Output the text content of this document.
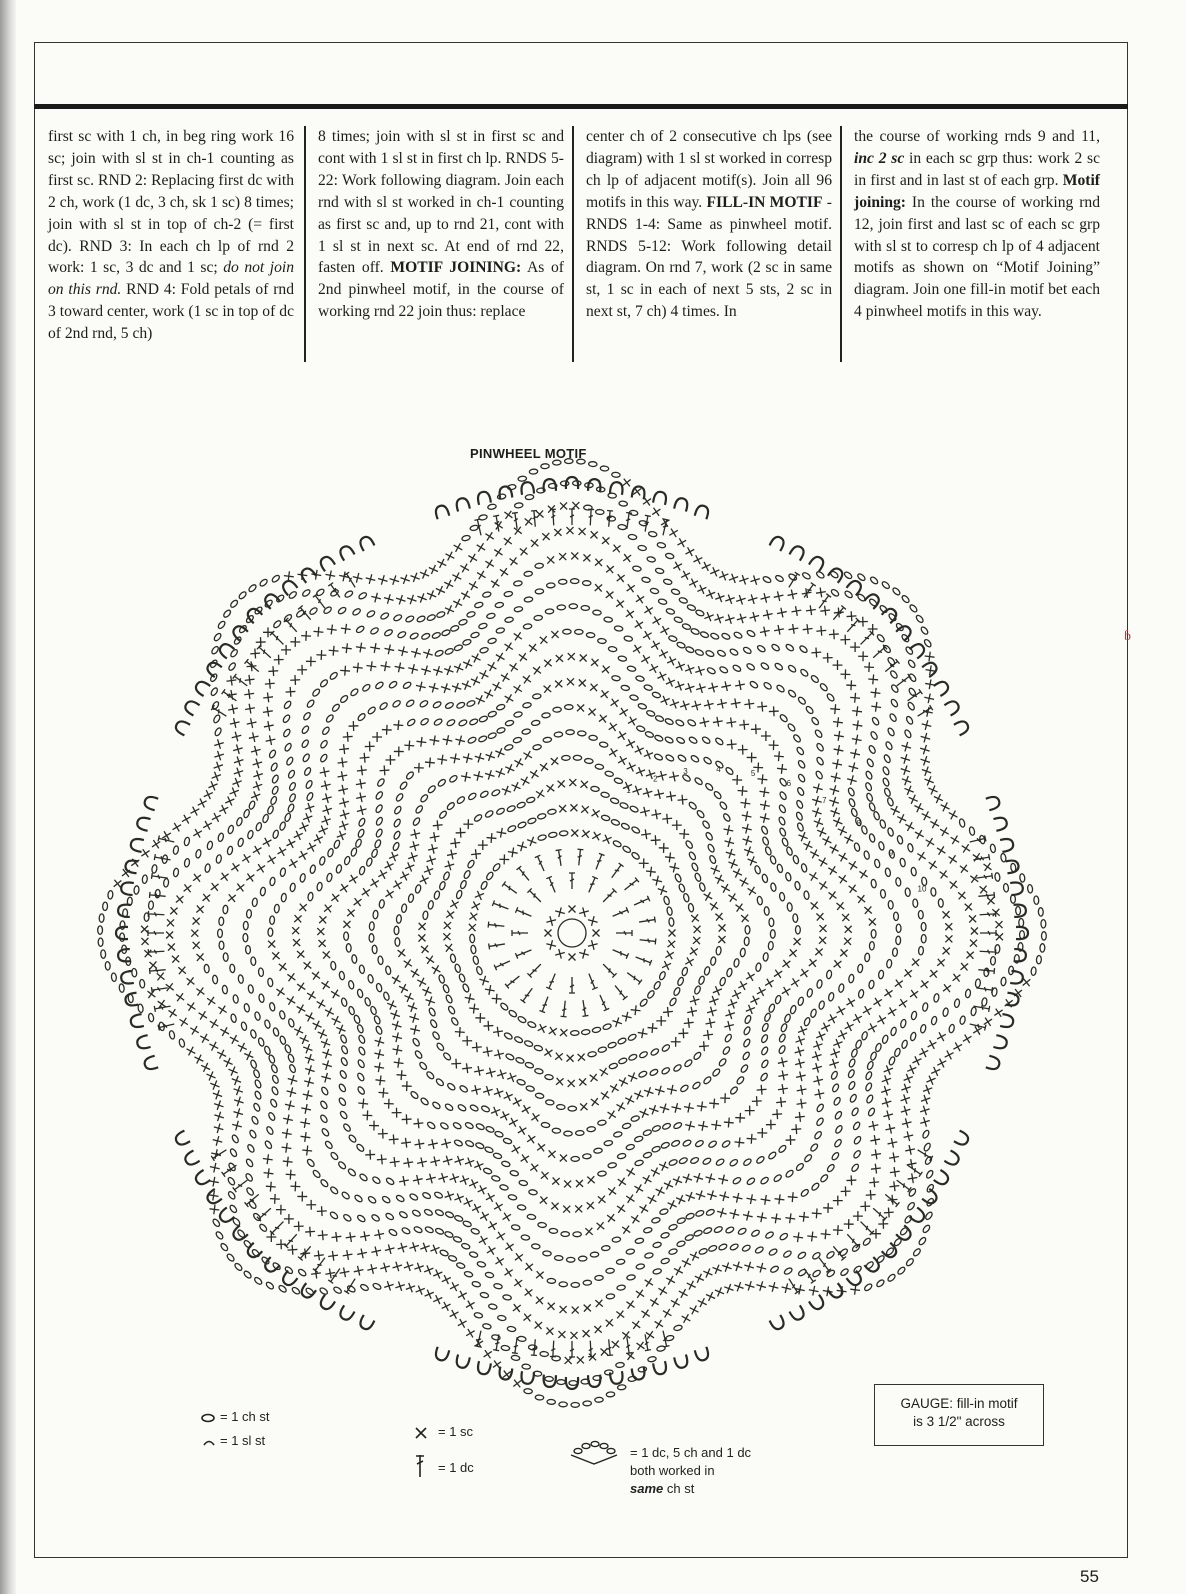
first sc with 1 ch, in beg ring work 16 sc; join with sl st in ch-1 counting as first sc. RND 2: Replacing first dc with 2 ch, work (1 dc, 3 ch, sk 1 sc) 8 times; join with sl st in top of ch-2 (= first dc). RND 3: In each ch lp of rnd 2 work: 1 sc, 3 dc and 1 sc; do not join on this rnd. RND 4: Fold petals of rnd 3 toward center, work (1 sc in top of dc of 2nd rnd, 5 ch)

8 times; join with sl st in first sc and cont with 1 sl st in first ch lp. RNDS 5-22: Work following diagram. Join each rnd with sl st worked in ch-1 counting as first sc and, up to rnd 21, cont with 1 sl st in next sc. At end of rnd 22, fasten off. MOTIF JOINING: As of 2nd pinwheel motif, in the course of working rnd 22 join thus: replace

center ch of 2 consecutive ch lps (see diagram) with 1 sl st worked in corresp ch lp of adjacent motif(s). Join all 96 motifs in this way. FILL-IN MOTIF - RNDS 1-4: Same as pinwheel motif. RNDS 5-12: Work following detail diagram. On rnd 7, work (2 sc in same st, 1 sc in each of next 5 sts, 2 sc in next st, 7 ch) 4 times. In

the course of working rnds 9 and 11, inc 2 sc in each sc grp thus: work 2 sc in first and in last st of each grp. Motif joining: In the course of working rnd 12, join first and last sc of each sc grp with sl st to corresp ch lp of 4 adjacent motifs as shown on “Motif Joining” diagram. Join one fill-in motif bet each 4 pinwheel motifs in this way.

PINWHEEL MOTIF
1
2
3	4	5
6
7
8
9
10
= 1 ch st
= 1 sl st
= 1 sc
= 1 dc
= 1 dc, 5 ch and 1 dc
both worked in
same ch st
GAUGE: fill-in motif
is 3 1/2" across
ɓ
55
